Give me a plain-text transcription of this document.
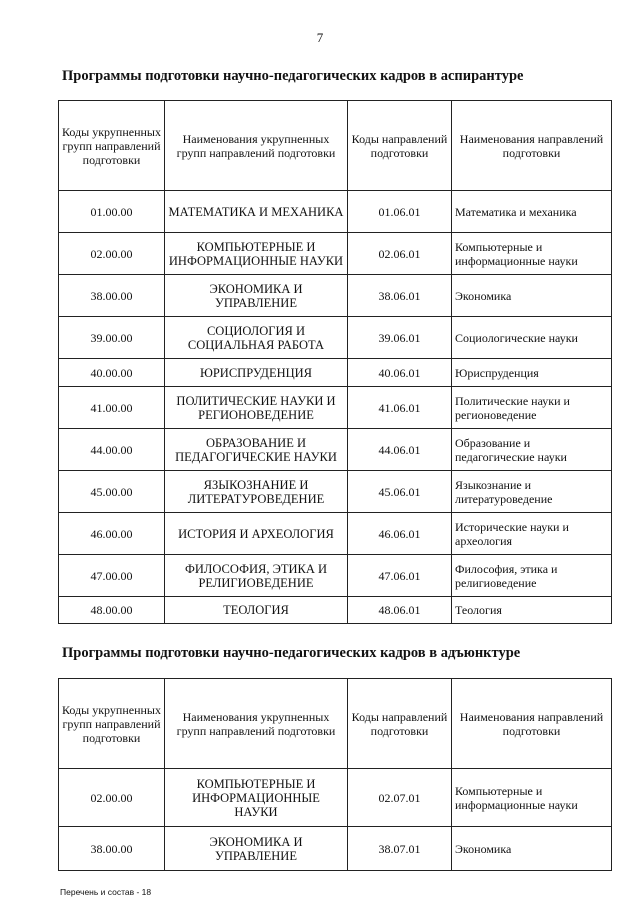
7
Программы подготовки научно-педагогических кадров в аспирантуре
Коды укрупненных групп направлений подготовки	Наименования укрупненных групп направлений подготовки	Коды направлений подготовки	Наименования направлений подготовки
01.00.00	МАТЕМАТИКА И МЕХАНИКА	01.06.01	Математика и механика
02.00.00	КОМПЬЮТЕРНЫЕ И ИНФОРМАЦИОННЫЕ НАУКИ	02.06.01	Компьютерные и информационные науки
38.00.00	ЭКОНОМИКА И УПРАВЛЕНИЕ	38.06.01	Экономика
39.00.00	СОЦИОЛОГИЯ И СОЦИАЛЬНАЯ РАБОТА	39.06.01	Социологические науки
40.00.00	ЮРИСПРУДЕНЦИЯ	40.06.01	Юриспруденция
41.00.00	ПОЛИТИЧЕСКИЕ НАУКИ И РЕГИОНОВЕДЕНИЕ	41.06.01	Политические науки и регионоведение
44.00.00	ОБРАЗОВАНИЕ И ПЕДАГОГИЧЕСКИЕ НАУКИ	44.06.01	Образование и педагогические науки
45.00.00	ЯЗЫКОЗНАНИЕ И ЛИТЕРАТУРОВЕДЕНИЕ	45.06.01	Языкознание и литературоведение
46.00.00	ИСТОРИЯ И АРХЕОЛОГИЯ	46.06.01	Исторические науки и археология
47.00.00	ФИЛОСОФИЯ, ЭТИКА И РЕЛИГИОВЕДЕНИЕ	47.06.01	Философия, этика и религиоведение
48.00.00	ТЕОЛОГИЯ	48.06.01	Теология
Программы подготовки научно-педагогических кадров в адъюнктуре
Коды укрупненных групп направлений подготовки	Наименования укрупненных групп направлений подготовки	Коды направлений подготовки	Наименования направлений подготовки
02.00.00	КОМПЬЮТЕРНЫЕ И ИНФОРМАЦИОННЫЕ НАУКИ	02.07.01	Компьютерные и информационные науки
38.00.00	ЭКОНОМИКА И УПРАВЛЕНИЕ	38.07.01	Экономика
Перечень и состав - 18
